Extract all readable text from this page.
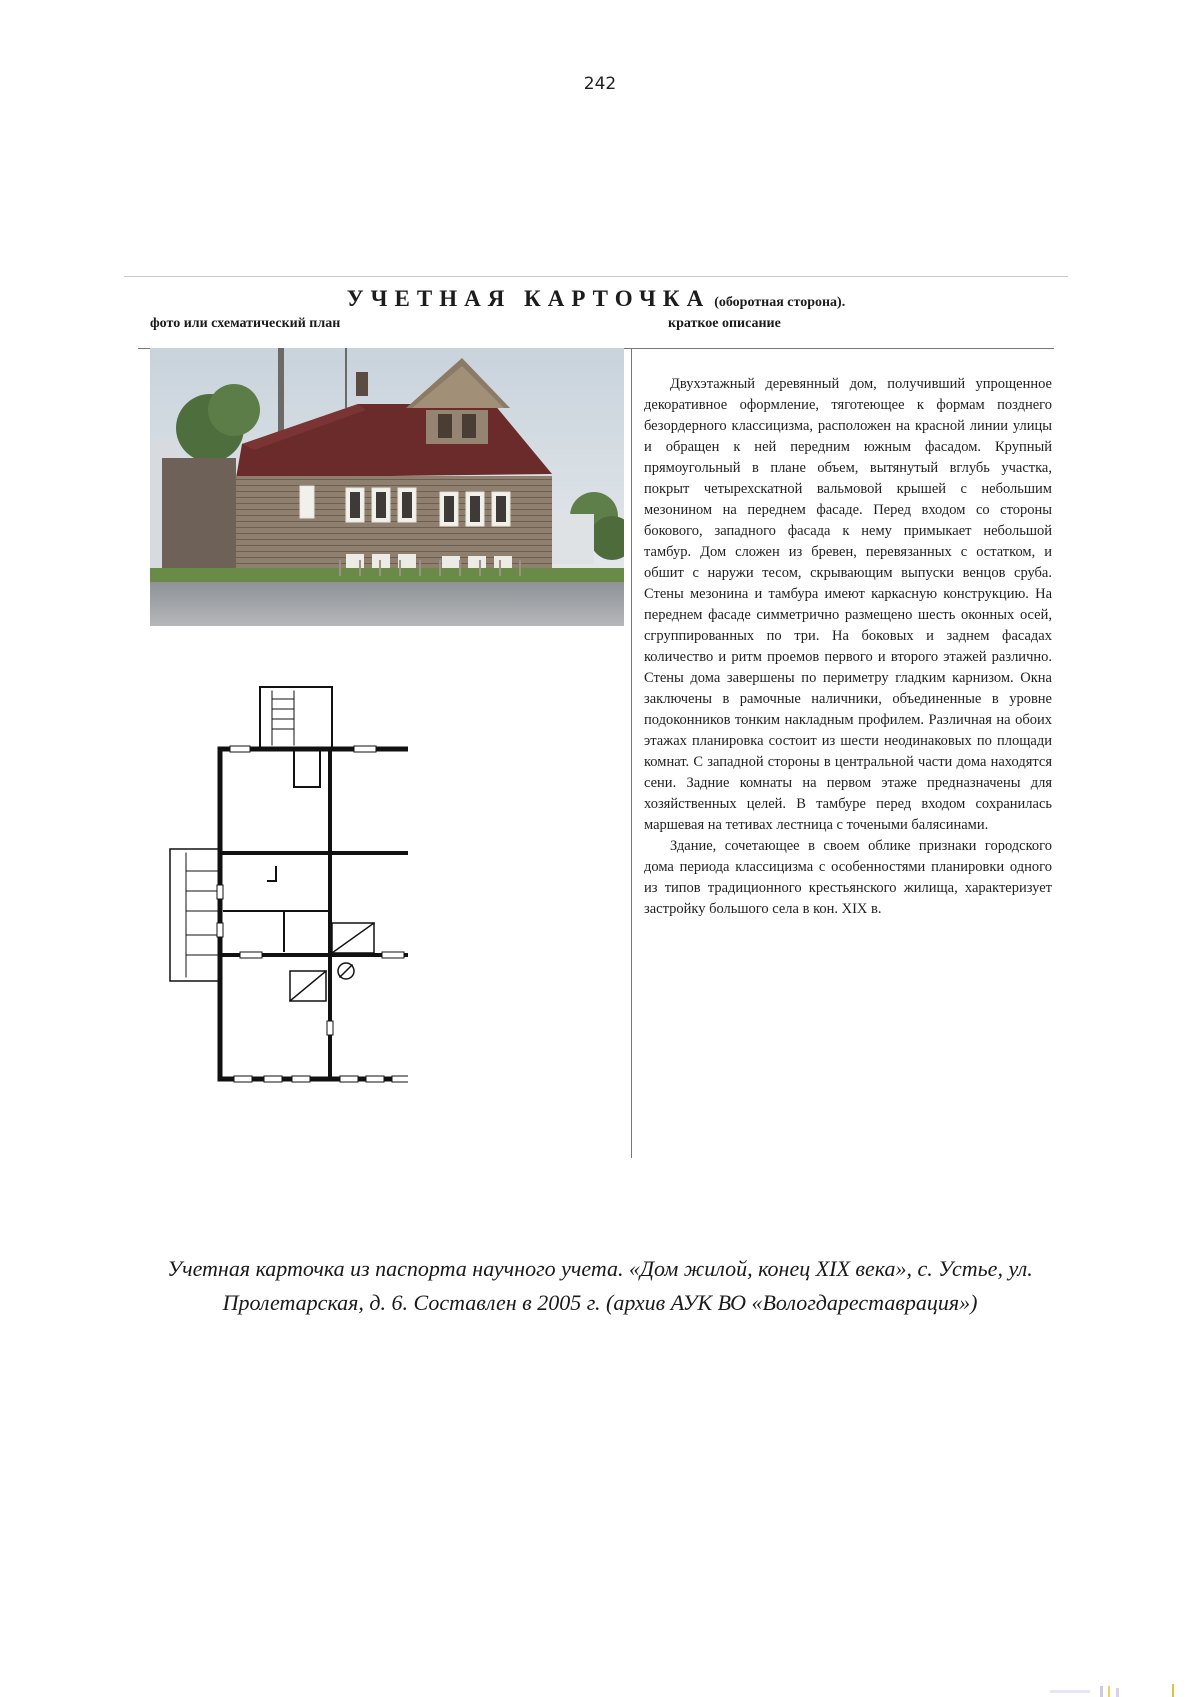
242
УЧЕТНАЯ КАРТОЧКА (оборотная сторона).
фото или схематический план	краткое описание

Двухэтажный деревянный дом, получивший упрощенное декоративное оформление, тяготеющее к формам позднего безордерного классицизма, расположен на красной линии улицы и обращен к ней передним южным фасадом. Крупный прямоугольный в плане объем, вытянутый вглубь участка, покрыт четырехскатной вальмовой крышей с небольшим мезонином на переднем фасаде. Перед входом со стороны бокового, западного фасада к нему примыкает небольшой тамбур. Дом сложен из бревен, перевязанных с остатком, и обшит с наружи тесом, скрывающим выпуски венцов сруба. Стены мезонина и тамбура имеют каркасную конструкцию. На переднем фасаде симметрично размещено шесть оконных осей, сгруппированных по три. На боковых и заднем фасадах количество и ритм проемов первого и второго этажей различно. Стены дома завершены по периметру гладким карнизом. Окна заключены в рамочные наличники, объединенные в уровне подоконников тонким накладным профилем. Различная на обоих этажах планировка состоит из шести неодинаковых по площади комнат. С западной стороны в центральной части дома находятся сени. Задние комнаты на первом этаже предназначены для хозяйственных целей. В тамбуре перед входом сохранилась маршевая на тетивах лестница с точеными балясинами.

Здание, сочетающее в своем облике признаки городского дома периода классицизма с особенностями планировки одного из типов традиционного крестьянского жилища, характеризует застройку большого села в кон. XIX в.

Учетная карточка из паспорта научного учета. «Дом жилой, конец XIX века», с. Устье, ул.
Пролетарская, д. 6. Составлен в 2005 г. (архив АУК ВО «Вологдареставрация»)
